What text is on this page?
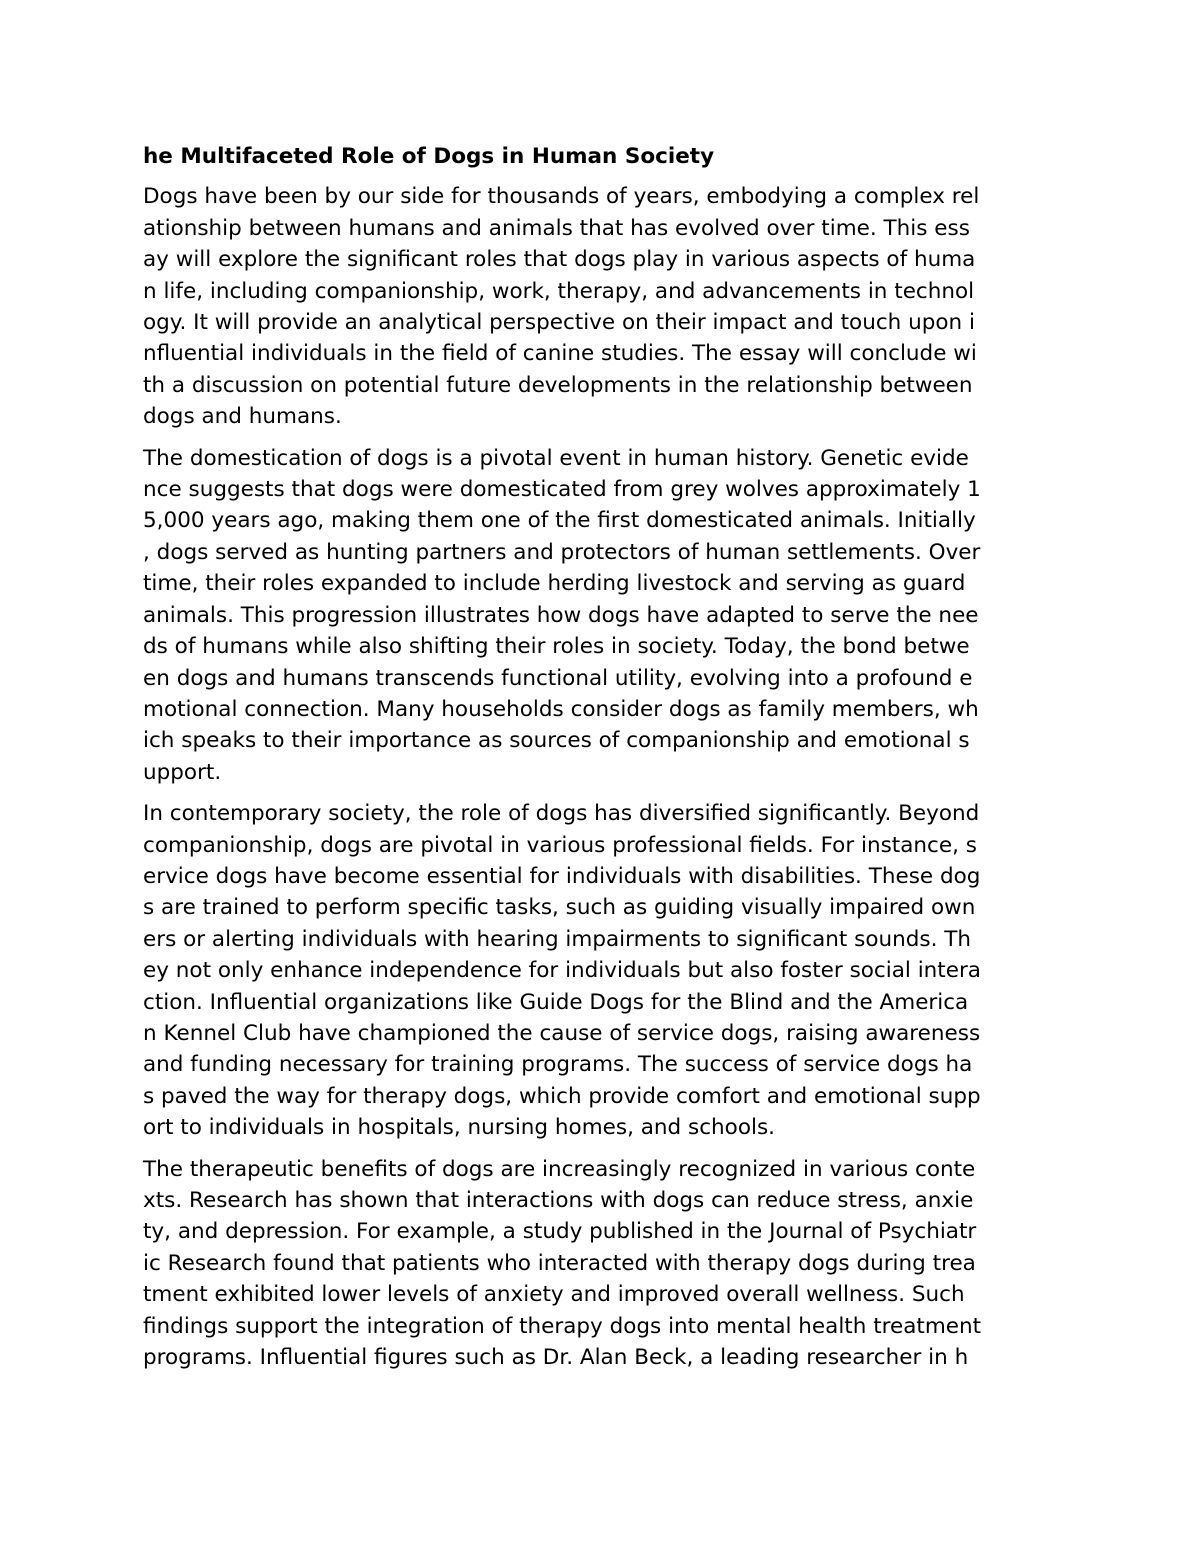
he Multifaceted Role of Dogs in Human Society
Dogs have been by our side for thousands of years, embodying a complex rel
ationship between humans and animals that has evolved over time. This ess
ay will explore the significant roles that dogs play in various aspects of huma
n life, including companionship, work, therapy, and advancements in technol
ogy. It will provide an analytical perspective on their impact and touch upon i
nfluential individuals in the field of canine studies. The essay will conclude wi
th a discussion on potential future developments in the relationship between
dogs and humans.
The domestication of dogs is a pivotal event in human history. Genetic evide
nce suggests that dogs were domesticated from grey wolves approximately 1
5,000 years ago, making them one of the first domesticated animals. Initially
, dogs served as hunting partners and protectors of human settlements. Over
time, their roles expanded to include herding livestock and serving as guard
animals. This progression illustrates how dogs have adapted to serve the nee
ds of humans while also shifting their roles in society. Today, the bond betwe
en dogs and humans transcends functional utility, evolving into a profound e
motional connection. Many households consider dogs as family members, wh
ich speaks to their importance as sources of companionship and emotional s
upport.
In contemporary society, the role of dogs has diversified significantly. Beyond
companionship, dogs are pivotal in various professional fields. For instance, s
ervice dogs have become essential for individuals with disabilities. These dog
s are trained to perform specific tasks, such as guiding visually impaired own
ers or alerting individuals with hearing impairments to significant sounds. Th
ey not only enhance independence for individuals but also foster social intera
ction. Influential organizations like Guide Dogs for the Blind and the America
n Kennel Club have championed the cause of service dogs, raising awareness
and funding necessary for training programs. The success of service dogs ha
s paved the way for therapy dogs, which provide comfort and emotional supp
ort to individuals in hospitals, nursing homes, and schools.
The therapeutic benefits of dogs are increasingly recognized in various conte
xts. Research has shown that interactions with dogs can reduce stress, anxie
ty, and depression. For example, a study published in the Journal of Psychiatr
ic Research found that patients who interacted with therapy dogs during trea
tment exhibited lower levels of anxiety and improved overall wellness. Such
findings support the integration of therapy dogs into mental health treatment
programs. Influential figures such as Dr. Alan Beck, a leading researcher in h
